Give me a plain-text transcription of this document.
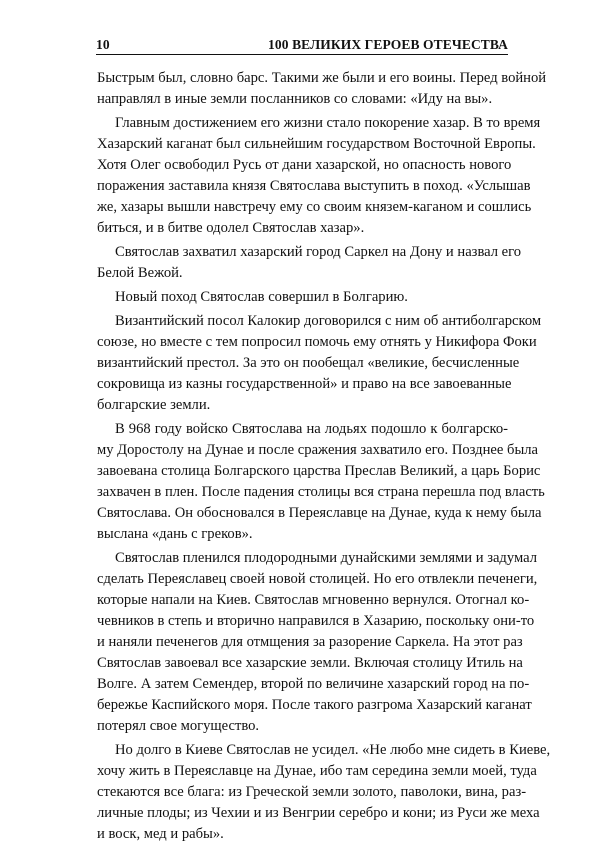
10	100 ВЕЛИКИХ ГЕРОЕВ ОТЕЧЕСТВА
Быстрым был, словно барс. Такими же были и его воины. Перед войной
направлял в иные земли посланников со словами: «Иду на вы».
Главным достижением его жизни стало покорение хазар. В то время
Хазарский каганат был сильнейшим государством Восточной Европы.
Хотя Олег освободил Русь от дани хазарской, но опасность нового
поражения заставила князя Святослава выступить в поход. «Услышав
же, хазары вышли навстречу ему со своим князем-каганом и сошлись
биться, и в битве одолел Святослав хазар».
Святослав захватил хазарский город Саркел на Дону и назвал его
Белой Вежой.
Новый поход Святослав совершил в Болгарию.
Византийский посол Калокир договорился с ним об антиболгарском
союзе, но вместе с тем попросил помочь ему отнять у Никифора Фоки
византийский престол. За это он пообещал «великие, бесчисленные
сокровища из казны государственной» и право на все завоеванные
болгарские земли.
В 968 году войско Святослава на лодьях подошло к болгарско-
му Доростолу на Дунае и после сражения захватило его. Позднее была
завоевана столица Болгарского царства Преслав Великий, а царь Борис
захвачен в плен. После падения столицы вся страна перешла под власть
Святослава. Он обосновался в Переяславце на Дунае, куда к нему была
выслана «дань с греков».
Святослав пленился плодородными дунайскими землями и задумал
сделать Переяславец своей новой столицей. Но его отвлекли печенеги,
которые напали на Киев. Святослав мгновенно вернулся. Отогнал ко-
чевников в степь и вторично направился в Хазарию, поскольку они-то
и наняли печенегов для отмщения за разорение Саркела. На этот раз
Святослав завоевал все хазарские земли. Включая столицу Итиль на
Волге. А затем Семендер, второй по величине хазарский город на по-
бережье Каспийского моря. После такого разгрома Хазарский каганат
потерял свое могущество.
Но долго в Киеве Святослав не усидел. «Не любо мне сидеть в Киеве,
хочу жить в Переяславце на Дунае, ибо там середина земли моей, туда
стекаются все блага: из Греческой земли золото, паволоки, вина, раз-
личные плоды; из Чехии и из Венгрии серебро и кони; из Руси же меха
и воск, мед и рабы».
